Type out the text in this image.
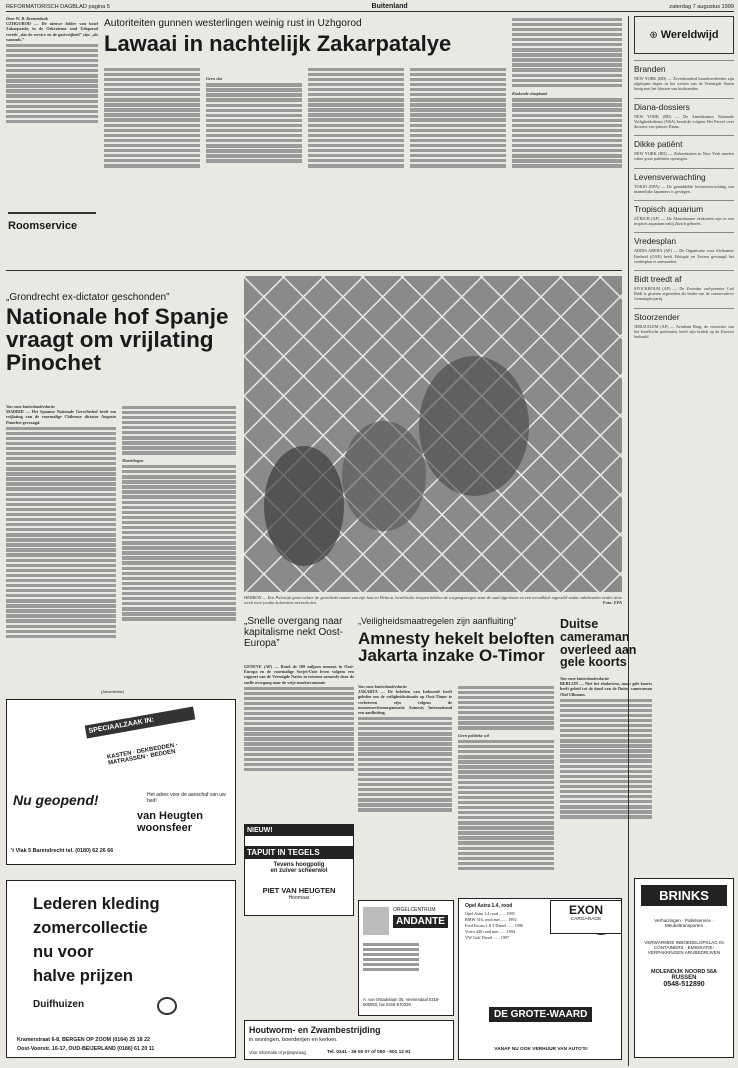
REFORMATORISCH DAGBLAD pagina 5	Buitenland	zaterdag 7 augustus 1999
Door W. B. Kranendonk
UZHGOROD — De nieuwe folder van hotel Zakarpatsky in de Oekraïense stad Uzhgorod vertelt „dat de service en de gastvrijheid” zijn „als vanouds.”
Autoriteiten gunnen westerlingen weinig rust in Uzhgorod
Lawaai in nachtelijk Zakarpatalye
Roomservice
Geen slot
Krakende slaapbank
„Grondrecht ex-dictator geschonden”
Nationale hof Spanje vraagt om vrijlating Pinochet
Van onze buitenlandredactie
MADRID — Het Spaanse Nationale Gerechtshof heeft om vrijlating van de voormalige Chileense dictator Augusto Pinochet gevraagd.
Martelingen
HEBRON — Een Palestijn gezin achter de getraliede ramen van zijn huis in Hebron. Israëlische troepen hebben de toegangswegen naar de stad afgesloten en een avondklok ingesteld nadat onbekenden eerder deze week twee joodse kolonisten neerschoten.	Foto: EPA
„Snelle overgang naar kapitalisme nekt Oost-Europa”
GENEVE (AP) — Rond de 100 miljoen mensen in Oost-Europa en de voormalige Sovjet-Unie leven volgens een rapport van de Verenigde Naties in extreme armoede door de snelle overgang naar de vrije-markteconomie.
„Veiligheidsmaatregelen zijn aanfluiting”
Amnesty hekelt beloften Jakarta inzake O-Timor
Van onze buitenlandredactie
JAKARTA — De beloften van Indonesië heeft geleden om de veiligheidssituatie op Oost-Timor te verbeteren zijn volgens de mensenrechtenorganisatie Amnesty International een aanfluiting.
Geen politieke wil
Duitse cameraman overleed aan gele koorts
Van onze buitenlandredactie
BERLIJN — Niet het ebolavirus, maar gele koorts heeft geleid tot de dood van de Duitse cameraman Olaf Ullmann.
⊕ Wereldwijd
Branden
NEW YORK (RD) — Zevenhonderd brandweerlieden zijn afgelopen dagen in het westen van de Verenigde Staten bezig met het blussen van bosbranden.
Diana-dossiers
NEW YORK (RD) — De Amerikaanse Nationale Veiligheidsdienst (NSA) beschikt volgens Het Parool over dossiers van prinses Diana.
Dikke patiënt
NEW YORK (RD) — Ziekenhuizen in New York moeten vaker grote patiënten opvangen.
Levensverwachting
TOKIO (DPA) — De gemiddelde levensverwachting van mannelijke Japanners is gestegen.
Tropisch aquarium
ZÜRICH (AP) — De Mauritiaanse zeekoeien zijn in een tropisch aquarium nabij Zürich geboren.
Vredesplan
ADDIS ABEBA (AP) — De Organisatie voor Afrikaanse Eenheid (OAE) heeft Ethiopië en Eritrea gevraagd het vredesplan te aanvaarden.
Bidt treedt af
STOCKHOLM (AP) — De Zweedse oud-premier Carl Bildt is gisteren afgetreden als leider van de conservatieve Gematigde partij.
Stoorzender
JERUZALEM (AP) — Avraham Burg, de voorzitter van het Israëlische parlement, heeft zijn kritiek op de Knesset herhaald.
(Advertentie)
SPECIAALZAAK IN:
KASTEN · DEKBEDDEN · MATRASSEN · BEDDEN
Nu geopend!	Het adres voor de aanschaf van uw bed!
van Heugten woonsfeer
't Vlak 5 Barendrecht tel. (0180) 62 26 66
Lederen kleding
zomercollectie
nu voor
halve prijzen
Duifhuizen
Kramerstraat 6-8, BERGEN OP ZOOM (0164) 25 18 22
Oost-Voorstr. 16-17, OUD-BEIJERLAND (0186) 61 20 11
NIEUW!
TAPUIT IN TEGELS
Tevens hoogpolig
en zuiver scheerwol
PIET VAN HEUGTEN
Hoornaar
ORGELCENTRUM
ANDANTE
A. van Ostadelaan 35, Veenendaal 0318-505083, fax 0318-570329
Houtworm- en Zwambestrijding
in woningen, boerderijen en kerken.
Voor informatie of prijsopvraag	Tel. 0341 - 36 00 07 of 050 - 501 12 91
Opel Astra 1.4, rood
Opel Astra 1.4 rood ...... 1993
BMW 316, rood met ...... 1992
Ford Escort 1.8 T Diesel ...... 1996
Volvo 440 rood met ...... 1994
VW Golf Diesel ...... 1997
DE GROTE-WAARD
VANAF NU OOK VERHUUR VAN AUTO'S!
EXON
CARGARAGE
BRINKS
Verhuizingen · Palletservice · Meubeltransporten
VERWARMDE INBOEDELOPSLAG IN CONTAINERS · EMIGRATIE-VERPAKKINGEN ARUBEDRIJVEN
MOLENDIJK NOORD 56A
RUSSEN
0548-512890
